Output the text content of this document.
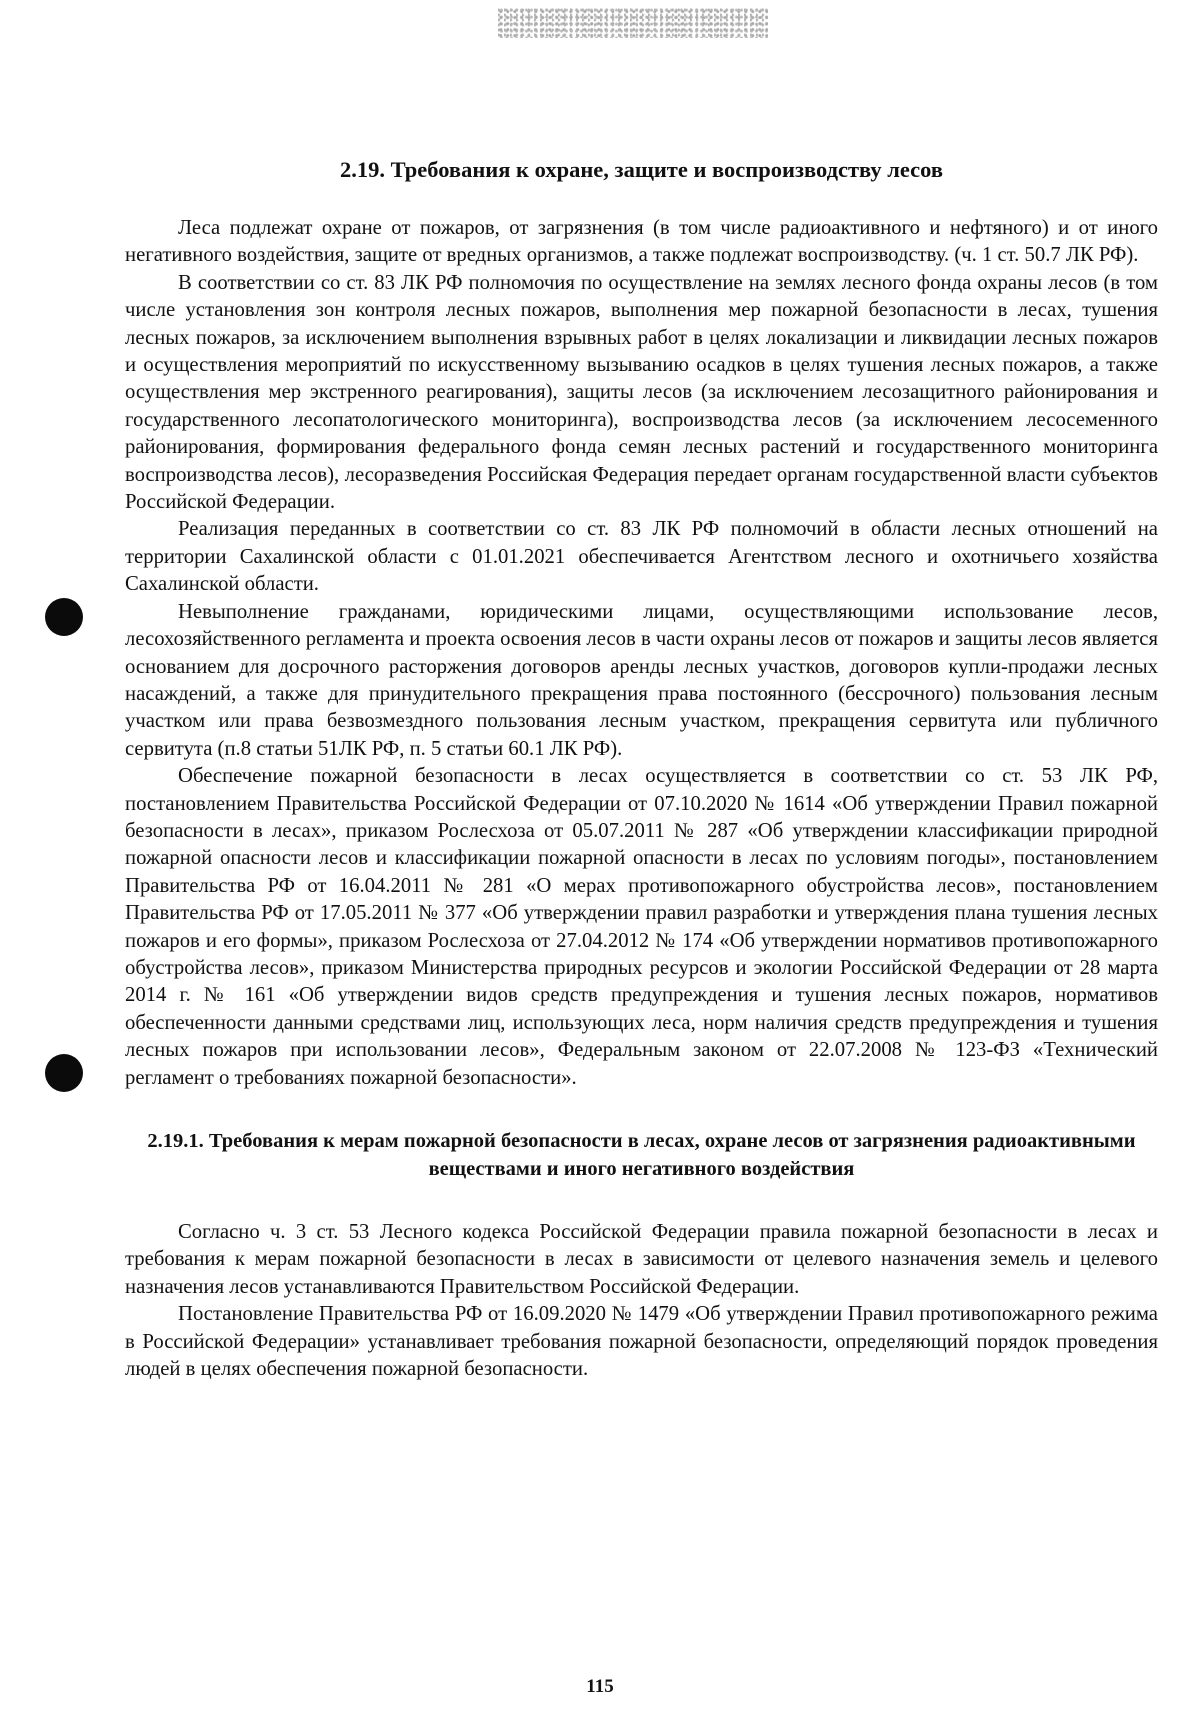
2.19. Требования к охране, защите и воспроизводству лесов

Леса подлежат охране от пожаров, от загрязнения (в том числе радиоактивного и нефтяного) и от иного негативного воздействия, защите от вредных организмов, а также подлежат воспроизводству. (ч. 1 ст. 50.7 ЛК РФ).

В соответствии со ст. 83 ЛК РФ полномочия по осуществление на землях лесного фонда охраны лесов (в том числе установления зон контроля лесных пожаров, выполнения мер пожарной безопасности в лесах, тушения лесных пожаров, за исключением выполнения взрывных работ в целях локализации и ликвидации лесных пожаров и осуществления мероприятий по искусственному вызыванию осадков в целях тушения лесных пожаров, а также осуществления мер экстренного реагирования), защиты лесов (за исключением лесозащитного районирования и государственного лесопатологического мониторинга), воспроизводства лесов (за исключением лесосеменного районирования, формирования федерального фонда семян лесных растений и государственного мониторинга воспроизводства лесов), лесоразведения Российская Федерация передает органам государственной власти субъектов Российской Федерации.

Реализация переданных в соответствии со ст. 83 ЛК РФ полномочий в области лесных отношений на территории Сахалинской области с 01.01.2021 обеспечивается Агентством лесного и охотничьего хозяйства Сахалинской области.

Невыполнение гражданами, юридическими лицами, осуществляющими использование лесов, лесохозяйственного регламента и проекта освоения лесов в части охраны лесов от пожаров и защиты лесов является основанием для досрочного расторжения договоров аренды лесных участков, договоров купли-продажи лесных насаждений, а также для принудительного прекращения права постоянного (бессрочного) пользования лесным участком или права безвозмездного пользования лесным участком, прекращения сервитута или публичного сервитута (п.8 статьи 51ЛК РФ, п. 5 статьи 60.1 ЛК РФ).

Обеспечение пожарной безопасности в лесах осуществляется в соответствии со ст. 53 ЛК РФ, постановлением Правительства Российской Федерации от 07.10.2020 № 1614 «Об утверждении Правил пожарной безопасности в лесах», приказом Рослесхоза от 05.07.2011 № 287 «Об утверждении классификации природной пожарной опасности лесов и классификации пожарной опасности в лесах по условиям погоды», постановлением Правительства РФ от 16.04.2011 № 281 «О мерах противопожарного обустройства лесов», постановлением Правительства РФ от 17.05.2011 № 377 «Об утверждении правил разработки и утверждения плана тушения лесных пожаров и его формы», приказом Рослесхоза от 27.04.2012 № 174 «Об утверждении нормативов противопожарного обустройства лесов», приказом Министерства природных ресурсов и экологии Российской Федерации от 28 марта 2014 г. № 161 «Об утверждении видов средств предупреждения и тушения лесных пожаров, нормативов обеспеченности данными средствами лиц, использующих леса, норм наличия средств предупреждения и тушения лесных пожаров при использовании лесов», Федеральным законом от 22.07.2008 № 123-ФЗ «Технический регламент о требованиях пожарной безопасности».

2.19.1. Требования к мерам пожарной безопасности в лесах, охране лесов от загрязнения радиоактивными веществами и иного негативного воздействия

Согласно ч. 3 ст. 53 Лесного кодекса Российской Федерации правила пожарной безопасности в лесах и требования к мерам пожарной безопасности в лесах в зависимости от целевого назначения земель и целевого назначения лесов устанавливаются Правительством Российской Федерации.

Постановление Правительства РФ от 16.09.2020 № 1479 «Об утверждении Правил противопожарного режима в Российской Федерации» устанавливает требования пожарной безопасности, определяющий порядок проведения людей в целях обеспечения пожарной безопасности.

115
